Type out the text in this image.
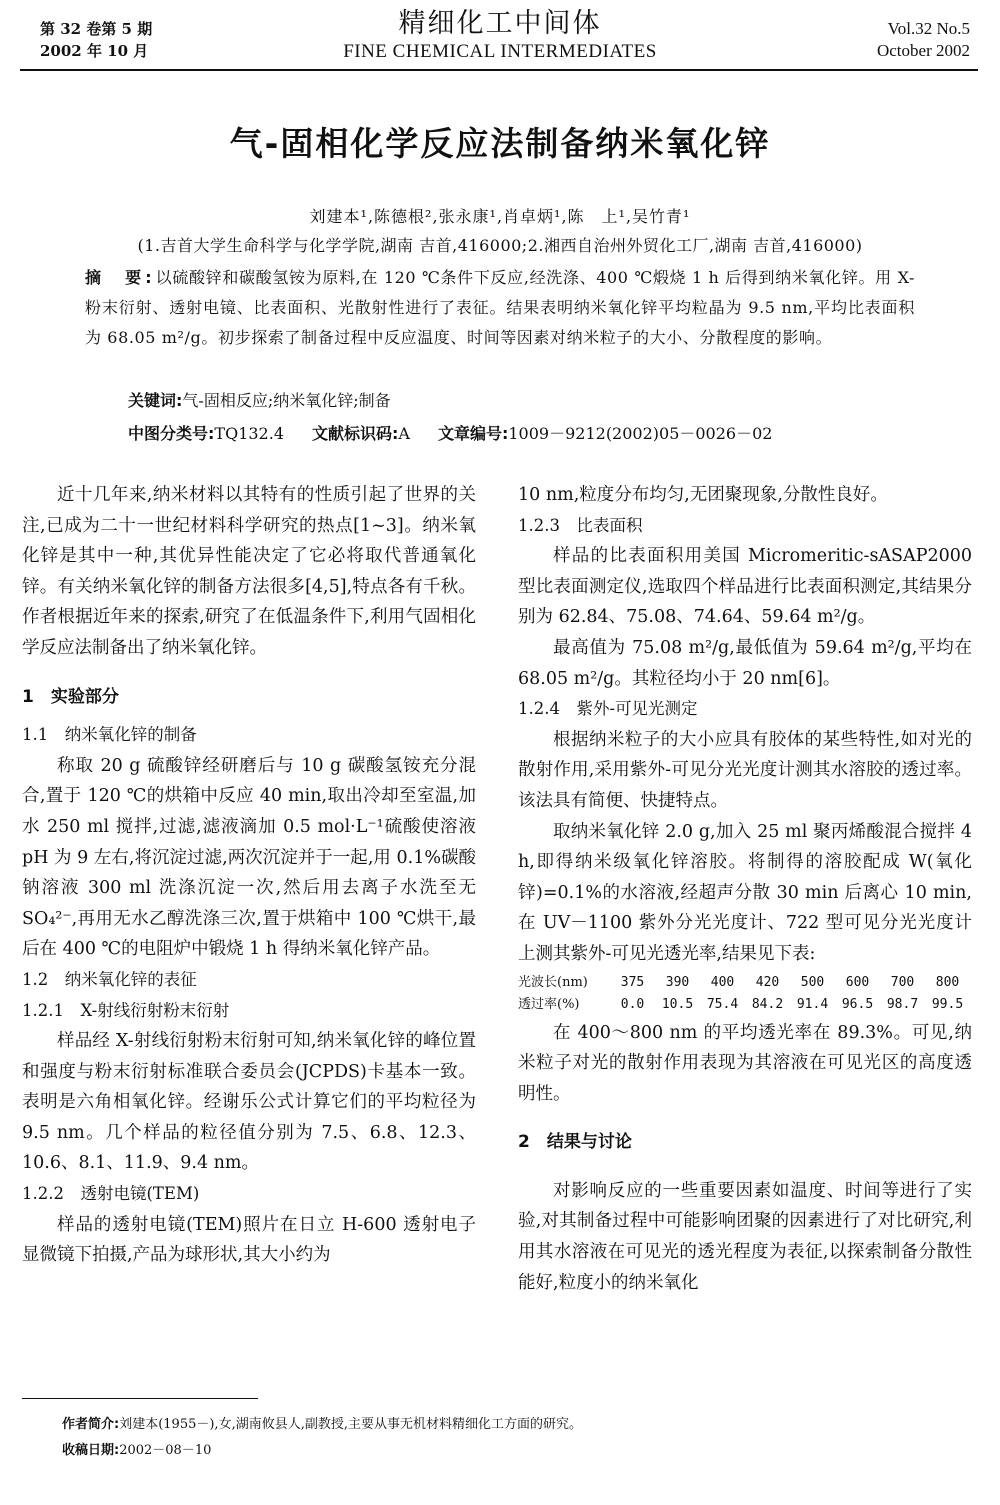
第 32 卷第 5 期
2002 年 10 月
精细化工中间体
FINE CHEMICAL INTERMEDIATES
Vol.32 No.5
October 2002
气-固相化学反应法制备纳米氧化锌
刘建本¹,陈德根²,张永康¹,肖卓炳¹,陈　上¹,吴竹青¹
(1.吉首大学生命科学与化学学院,湖南 吉首,416000;2.湘西自治州外贸化工厂,湖南 吉首,416000)
摘　要:以硫酸锌和碳酸氢铵为原料,在 120 ℃条件下反应,经洗涤、400 ℃煅烧 1 h 后得到纳米氧化锌。用 X-粉末衍射、透射电镜、比表面积、光散射性进行了表征。结果表明纳米氧化锌平均粒晶为 9.5 nm,平均比表面积为 68.05 m²/g。初步探索了制备过程中反应温度、时间等因素对纳米粒子的大小、分散程度的影响。
关键词:气-固相反应;纳米氧化锌;制备
中图分类号:TQ132.4 文献标识码:A 文章编号:1009－9212(2002)05－0026－02

近十几年来,纳米材料以其特有的性质引起了世界的关注,已成为二十一世纪材料科学研究的热点[1~3]。纳米氧化锌是其中一种,其优异性能决定了它必将取代普通氧化锌。有关纳米氧化锌的制备方法很多[4,5],特点各有千秋。作者根据近年来的探索,研究了在低温条件下,利用气固相化学反应法制备出了纳米氧化锌。

1　实验部分
1.1　纳米氧化锌的制备

称取 20 g 硫酸锌经研磨后与 10 g 碳酸氢铵充分混合,置于 120 ℃的烘箱中反应 40 min,取出冷却至室温,加水 250 ml 搅拌,过滤,滤液滴加 0.5 mol·L⁻¹硫酸使溶液 pH 为 9 左右,将沉淀过滤,两次沉淀并于一起,用 0.1%碳酸钠溶液 300 ml 洗涤沉淀一次,然后用去离子水洗至无 SO₄²⁻,再用无水乙醇洗涤三次,置于烘箱中 100 ℃烘干,最后在 400 ℃的电阻炉中锻烧 1 h 得纳米氧化锌产品。

1.2　纳米氧化锌的表征
1.2.1　X-射线衍射粉末衍射

样品经 X-射线衍射粉末衍射可知,纳米氧化锌的峰位置和强度与粉末衍射标准联合委员会(JCPDS)卡基本一致。表明是六角相氧化锌。经谢乐公式计算它们的平均粒径为 9.5 nm。几个样品的粒径值分别为 7.5、6.8、12.3、10.6、8.1、11.9、9.4 nm。

1.2.2　透射电镜(TEM)

样品的透射电镜(TEM)照片在日立 H-600 透射电子显微镜下拍摄,产品为球形状,其大小约为

10 nm,粒度分布均匀,无团聚现象,分散性良好。

1.2.3　比表面积

样品的比表面积用美国 Micromeritic-sASAP2000 型比表面测定仪,选取四个样品进行比表面积测定,其结果分别为 62.84、75.08、74.64、59.64 m²/g。

最高值为 75.08 m²/g,最低值为 59.64 m²/g,平均在 68.05 m²/g。其粒径均小于 20 nm[6]。

1.2.4　紫外-可见光测定

根据纳米粒子的大小应具有胶体的某些特性,如对光的散射作用,采用紫外-可见分光光度计测其水溶胶的透过率。该法具有简便、快捷特点。

取纳米氧化锌 2.0 g,加入 25 ml 聚丙烯酸混合搅拌 4 h,即得纳米级氧化锌溶胶。将制得的溶胶配成 W(氧化锌)=0.1%的水溶液,经超声分散 30 min 后离心 10 min,在 UV－1100 紫外分光光度计、722 型可见分光光度计上测其紫外-可见光透光率,结果见下表:

光波长(nm)	375	390	400	420	500	600	700	800
透过率(%)	0.0	10.5	75.4	84.2	91.4	96.5	98.7	99.5

在 400～800 nm 的平均透光率在 89.3%。可见,纳米粒子对光的散射作用表现为其溶液在可见光区的高度透明性。

2　结果与讨论

对影响反应的一些重要因素如温度、时间等进行了实验,对其制备过程中可能影响团聚的因素进行了对比研究,利用其水溶液在可见光的透光程度为表征,以探索制备分散性能好,粒度小的纳米氧化

作者简介:刘建本(1955－),女,湖南攸县人,副教授,主要从事无机材料精细化工方面的研究。
收稿日期:2002－08－10
